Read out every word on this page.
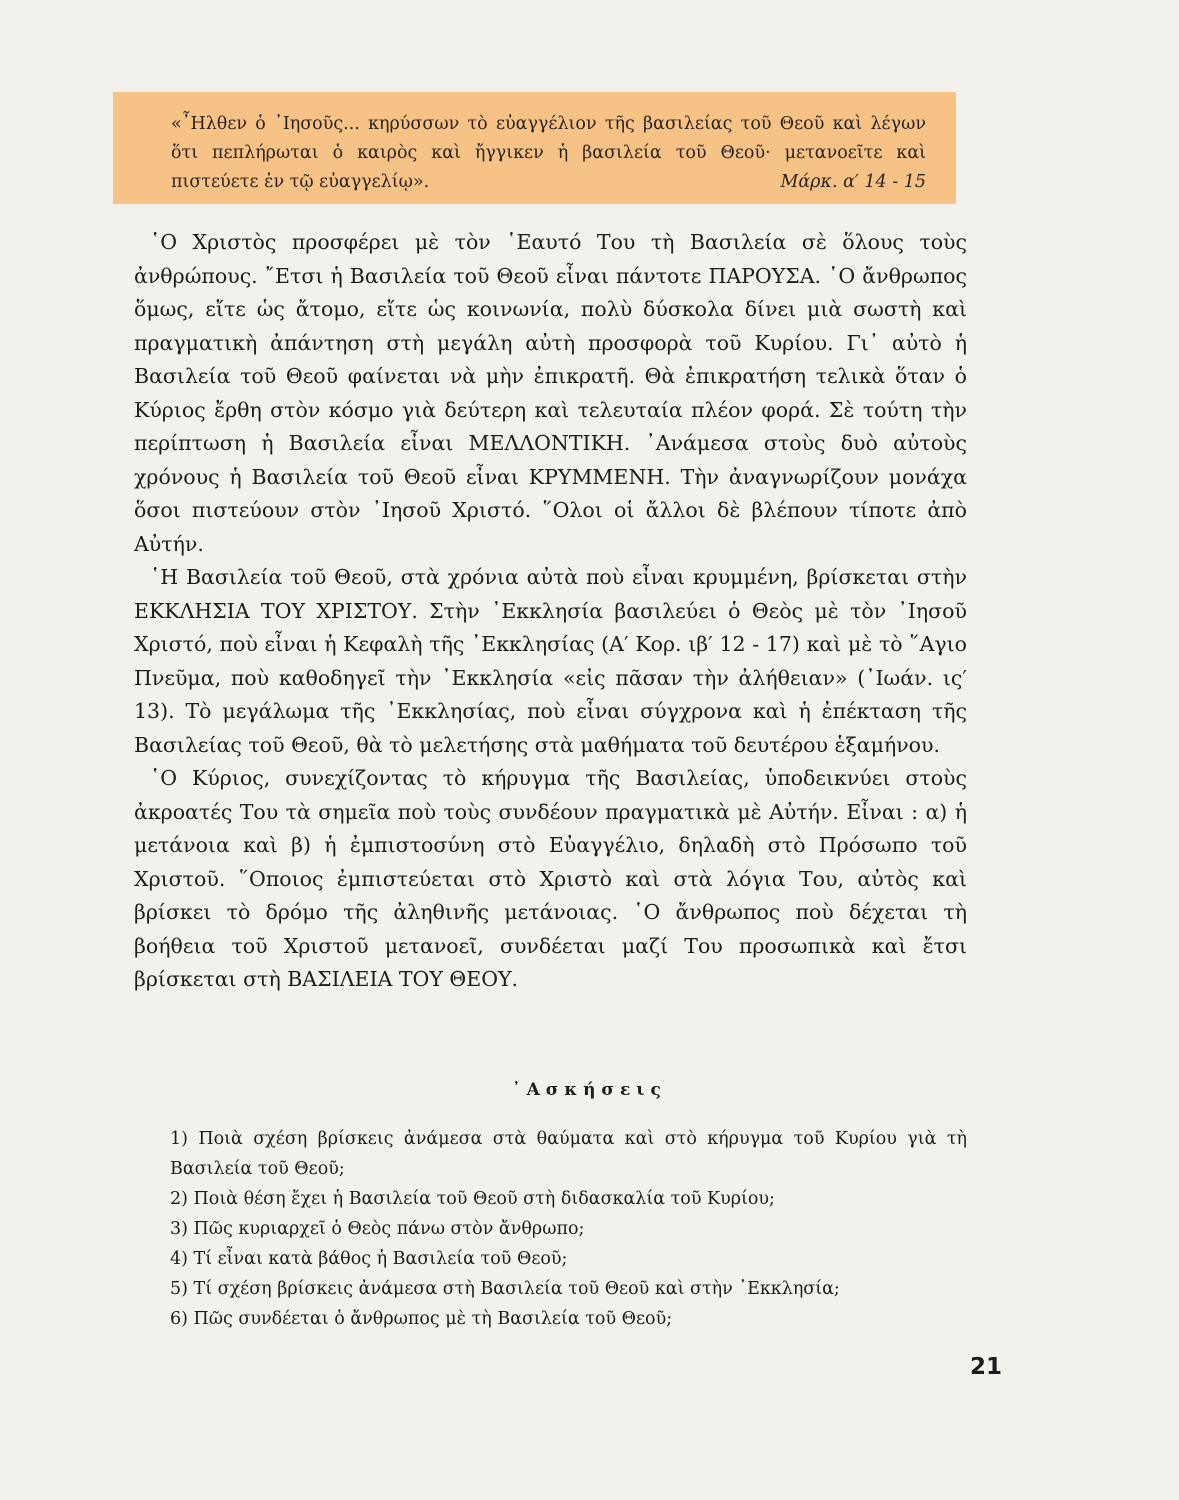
«῏Ηλθεν ὁ ᾽Ιησοῦς... κηρύσσων τὸ εὐαγγέλιον τῆς βασιλείας τοῦ Θεοῦ καὶ λέγων ὅτι πεπλήρωται ὁ καιρὸς καὶ ἤγγικεν ἡ βασιλεία τοῦ Θεοῦ· μετανοεῖτε καὶ πιστεύετε ἐν τῷ εὐαγγελίῳ».	Μάρκ. α′ 14 - 15

῾Ο Χριστὸς προσφέρει μὲ τὸν ῾Εαυτό Του τὴ Βασιλεία σὲ ὅλους τοὺς ἀνθρώπους. ῎Ετσι ἡ Βασιλεία τοῦ Θεοῦ εἶναι πάντοτε ΠΑΡΟΥΣΑ. ῾Ο ἄνθρωπος ὅμως, εἴτε ὡς ἄτομο, εἴτε ὡς κοινωνία, πολὺ δύσκολα δίνει μιὰ σωστὴ καὶ πραγματικὴ ἀπάντηση στὴ μεγάλη αὐτὴ προσφορὰ τοῦ Κυρίου. Γι᾽ αὐτὸ ἡ Βασιλεία τοῦ Θεοῦ φαίνεται νὰ μὴν ἐπικρατῆ. Θὰ ἐπικρατήση τελικὰ ὅταν ὁ Κύριος ἔρθη στὸν κόσμο γιὰ δεύτερη καὶ τελευταία πλέον φορά. Σὲ τούτη τὴν περίπτωση ἡ Βασιλεία εἶναι ΜΕΛΛΟΝΤΙΚΗ. ᾽Ανάμεσα στοὺς δυὸ αὐτοὺς χρόνους ἡ Βασιλεία τοῦ Θεοῦ εἶναι ΚΡΥΜΜΕΝΗ. Τὴν ἀναγνωρίζουν μονάχα ὅσοι πιστεύουν στὸν ᾽Ιησοῦ Χριστό. ῞Ολοι οἱ ἄλλοι δὲ βλέπουν τίποτε ἀπὸ Αὐτήν.

῾Η Βασιλεία τοῦ Θεοῦ, στὰ χρόνια αὐτὰ ποὺ εἶναι κρυμμένη, βρίσκεται στὴν ΕΚΚΛΗΣΙΑ ΤΟΥ ΧΡΙΣΤΟΥ. Στὴν ᾽Εκκλησία βασιλεύει ὁ Θεὸς μὲ τὸν ᾽Ιησοῦ Χριστό, ποὺ εἶναι ἡ Κεφαλὴ τῆς ᾽Εκκλησίας (Α′ Κορ. ιβ′ 12 - 17) καὶ μὲ τὸ ῞Αγιο Πνεῦμα, ποὺ καθοδηγεῖ τὴν ᾽Εκκλησία «εἰς πᾶσαν τὴν ἀλήθειαν» (᾽Ιωάν. ις′ 13). Τὸ μεγάλωμα τῆς ᾽Εκκλησίας, ποὺ εἶναι σύγχρονα καὶ ἡ ἐπέκταση τῆς Βασιλείας τοῦ Θεοῦ, θὰ τὸ μελετήσης στὰ μαθήματα τοῦ δευτέρου ἑξαμήνου.

῾Ο Κύριος, συνεχίζοντας τὸ κήρυγμα τῆς Βασιλείας, ὑποδεικνύει στοὺς ἀκροατές Του τὰ σημεῖα ποὺ τοὺς συνδέουν πραγματικὰ μὲ Αὐτήν. Εἶναι : α) ἡ μετάνοια καὶ β) ἡ ἐμπιστοσύνη στὸ Εὐαγγέλιο, δηλαδὴ στὸ Πρόσωπο τοῦ Χριστοῦ. ῞Οποιος ἐμπιστεύεται στὸ Χριστὸ καὶ στὰ λόγια Του, αὐτὸς καὶ βρίσκει τὸ δρόμο τῆς ἀληθινῆς μετάνοιας. ῾Ο ἄνθρωπος ποὺ δέχεται τὴ βοήθεια τοῦ Χριστοῦ μετανοεῖ, συνδέεται μαζί Του προσωπικὰ καὶ ἔτσι βρίσκεται στὴ ΒΑΣΙΛΕΙΑ ΤΟΥ ΘΕΟΥ.

᾽Ασκήσεις

1) Ποιὰ σχέση βρίσκεις ἀνάμεσα στὰ θαύματα καὶ στὸ κήρυγμα τοῦ Κυρίου γιὰ τὴ Βασιλεία τοῦ Θεοῦ;

2) Ποιὰ θέση ἔχει ἡ Βασιλεία τοῦ Θεοῦ στὴ διδασκαλία τοῦ Κυρίου;

3) Πῶς κυριαρχεῖ ὁ Θεὸς πάνω στὸν ἄνθρωπο;

4) Τί εἶναι κατὰ βάθος ἡ Βασιλεία τοῦ Θεοῦ;

5) Τί σχέση βρίσκεις ἀνάμεσα στὴ Βασιλεία τοῦ Θεοῦ καὶ στὴν ᾽Εκκλησία;

6) Πῶς συνδέεται ὁ ἄνθρωπος μὲ τὴ Βασιλεία τοῦ Θεοῦ;

21
